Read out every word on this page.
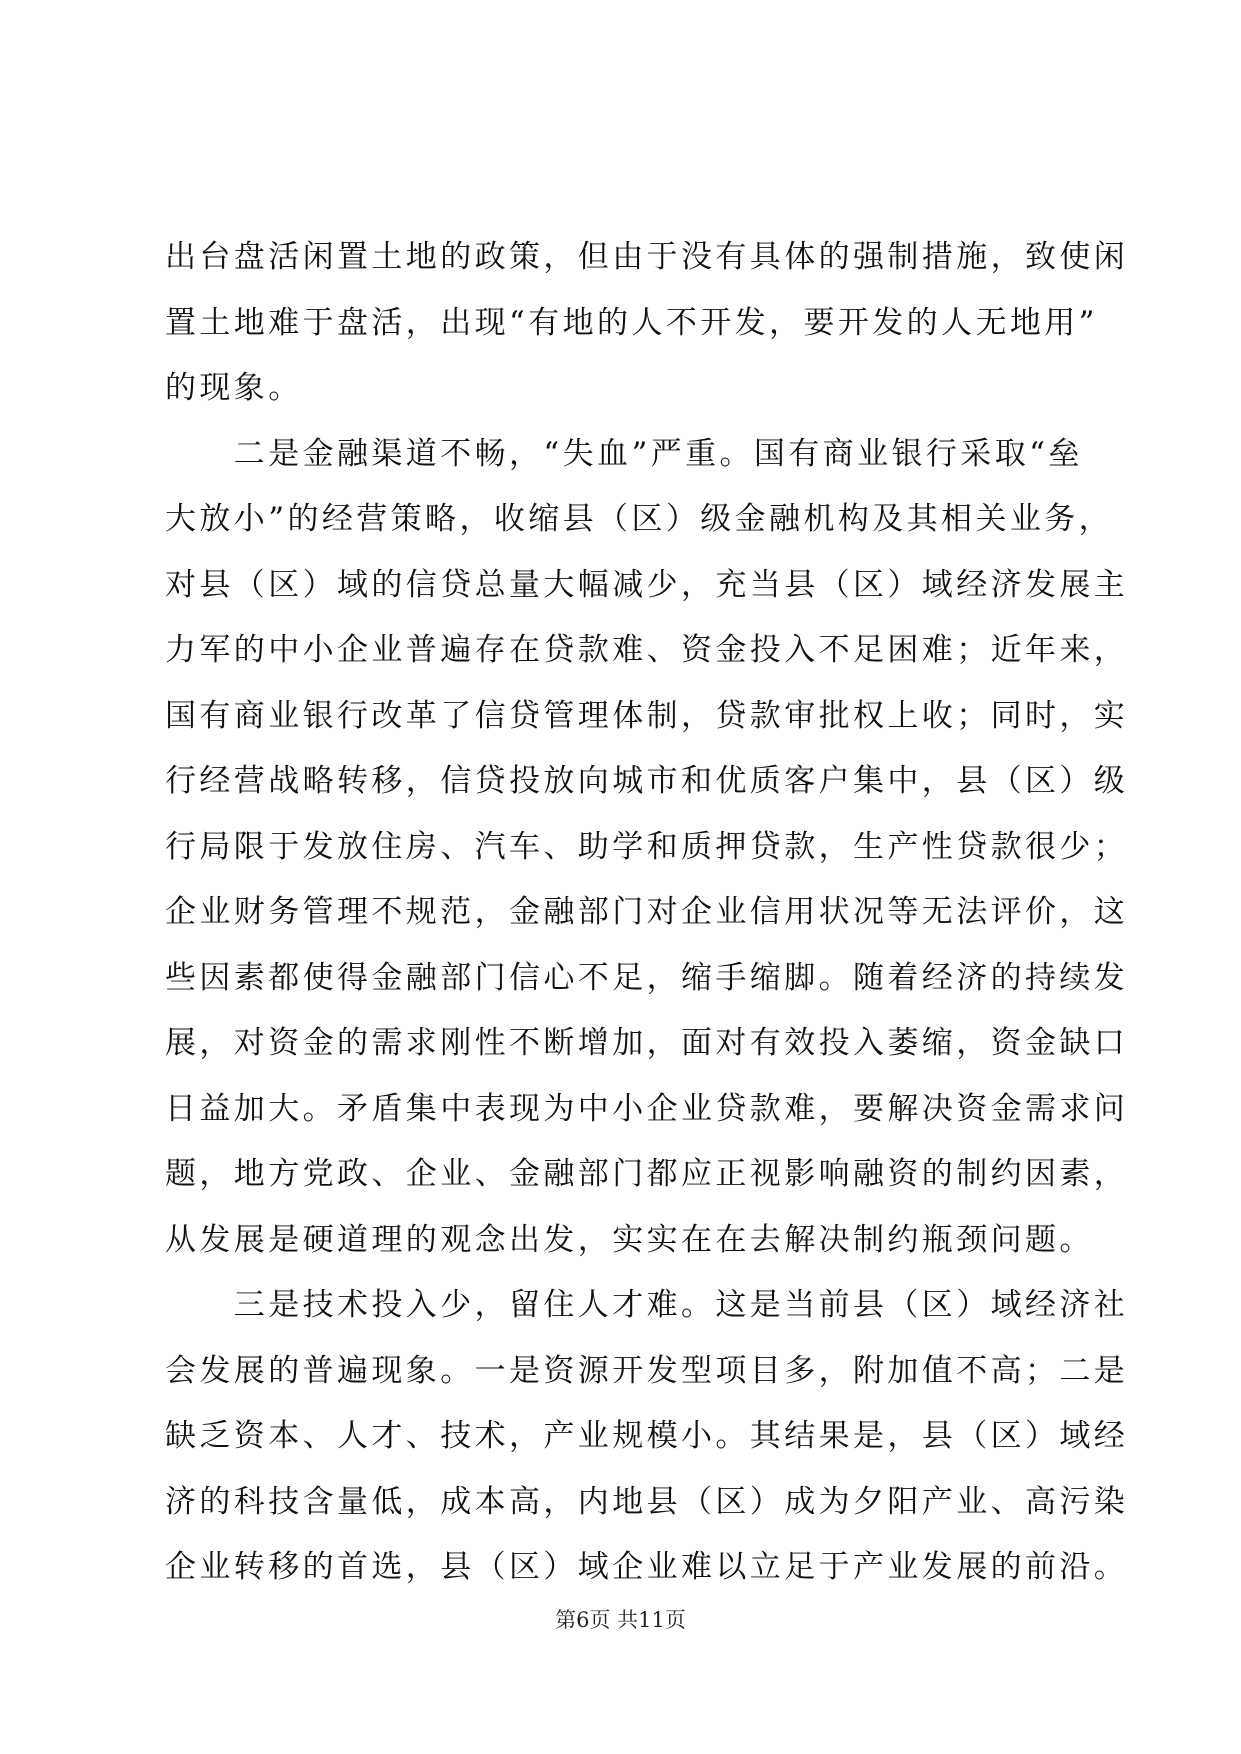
出台盘活闲置土地的政策，但由于没有具体的强制措施，致使闲
置土地难于盘活，出现“有地的人不开发，要开发的人无地用”
的现象。
　　二是金融渠道不畅，“失血”严重。国有商业银行采取“垒
大放小”的经营策略，收缩县（区）级金融机构及其相关业务，
对县（区）域的信贷总量大幅减少，充当县（区）域经济发展主
力军的中小企业普遍存在贷款难、资金投入不足困难；近年来，
国有商业银行改革了信贷管理体制，贷款审批权上收；同时，实
行经营战略转移，信贷投放向城市和优质客户集中，县（区）级
行局限于发放住房、汽车、助学和质押贷款，生产性贷款很少；
企业财务管理不规范，金融部门对企业信用状况等无法评价，这
些因素都使得金融部门信心不足，缩手缩脚。随着经济的持续发
展，对资金的需求刚性不断增加，面对有效投入萎缩，资金缺口
日益加大。矛盾集中表现为中小企业贷款难，要解决资金需求问
题，地方党政、企业、金融部门都应正视影响融资的制约因素，
从发展是硬道理的观念出发，实实在在去解决制约瓶颈问题。
　　三是技术投入少，留住人才难。这是当前县（区）域经济社
会发展的普遍现象。一是资源开发型项目多，附加值不高；二是
缺乏资本、人才、技术，产业规模小。其结果是，县（区）域经
济的科技含量低，成本高，内地县（区）成为夕阳产业、高污染
企业转移的首选，县（区）域企业难以立足于产业发展的前沿。
第6页 共11页
